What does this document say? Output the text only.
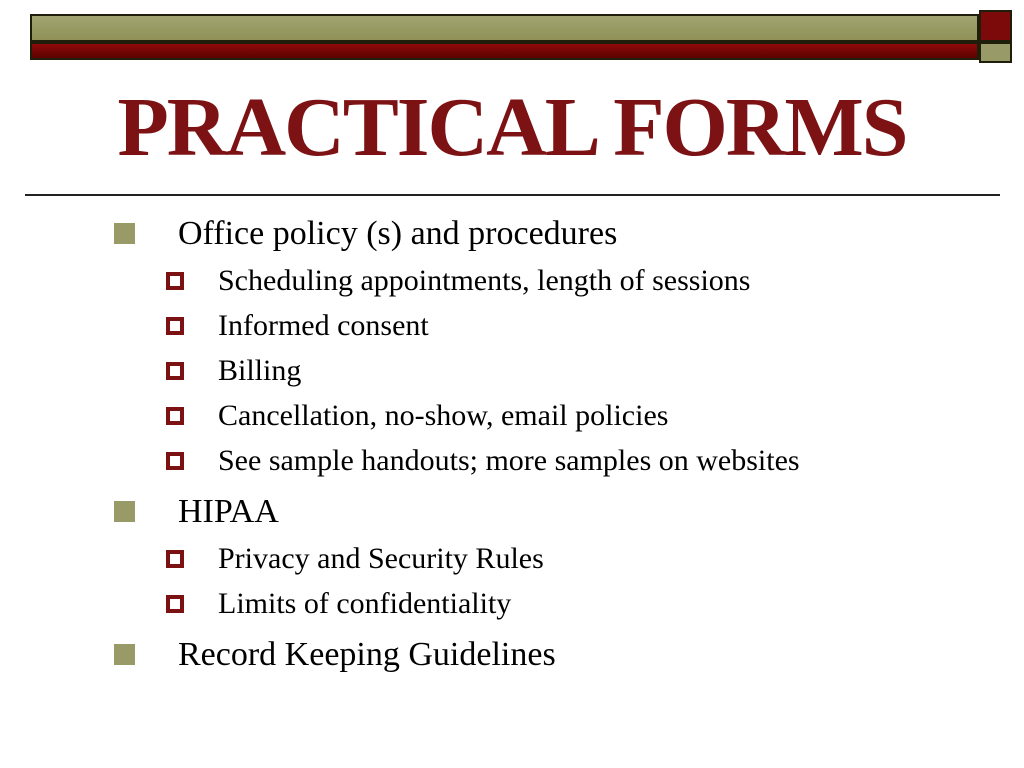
PRACTICAL FORMS
Office policy (s) and procedures
Scheduling appointments, length of sessions
Informed consent
Billing
Cancellation, no-show, email policies
See sample handouts; more samples on websites
HIPAA
Privacy and Security Rules
Limits of confidentiality
Record Keeping Guidelines
